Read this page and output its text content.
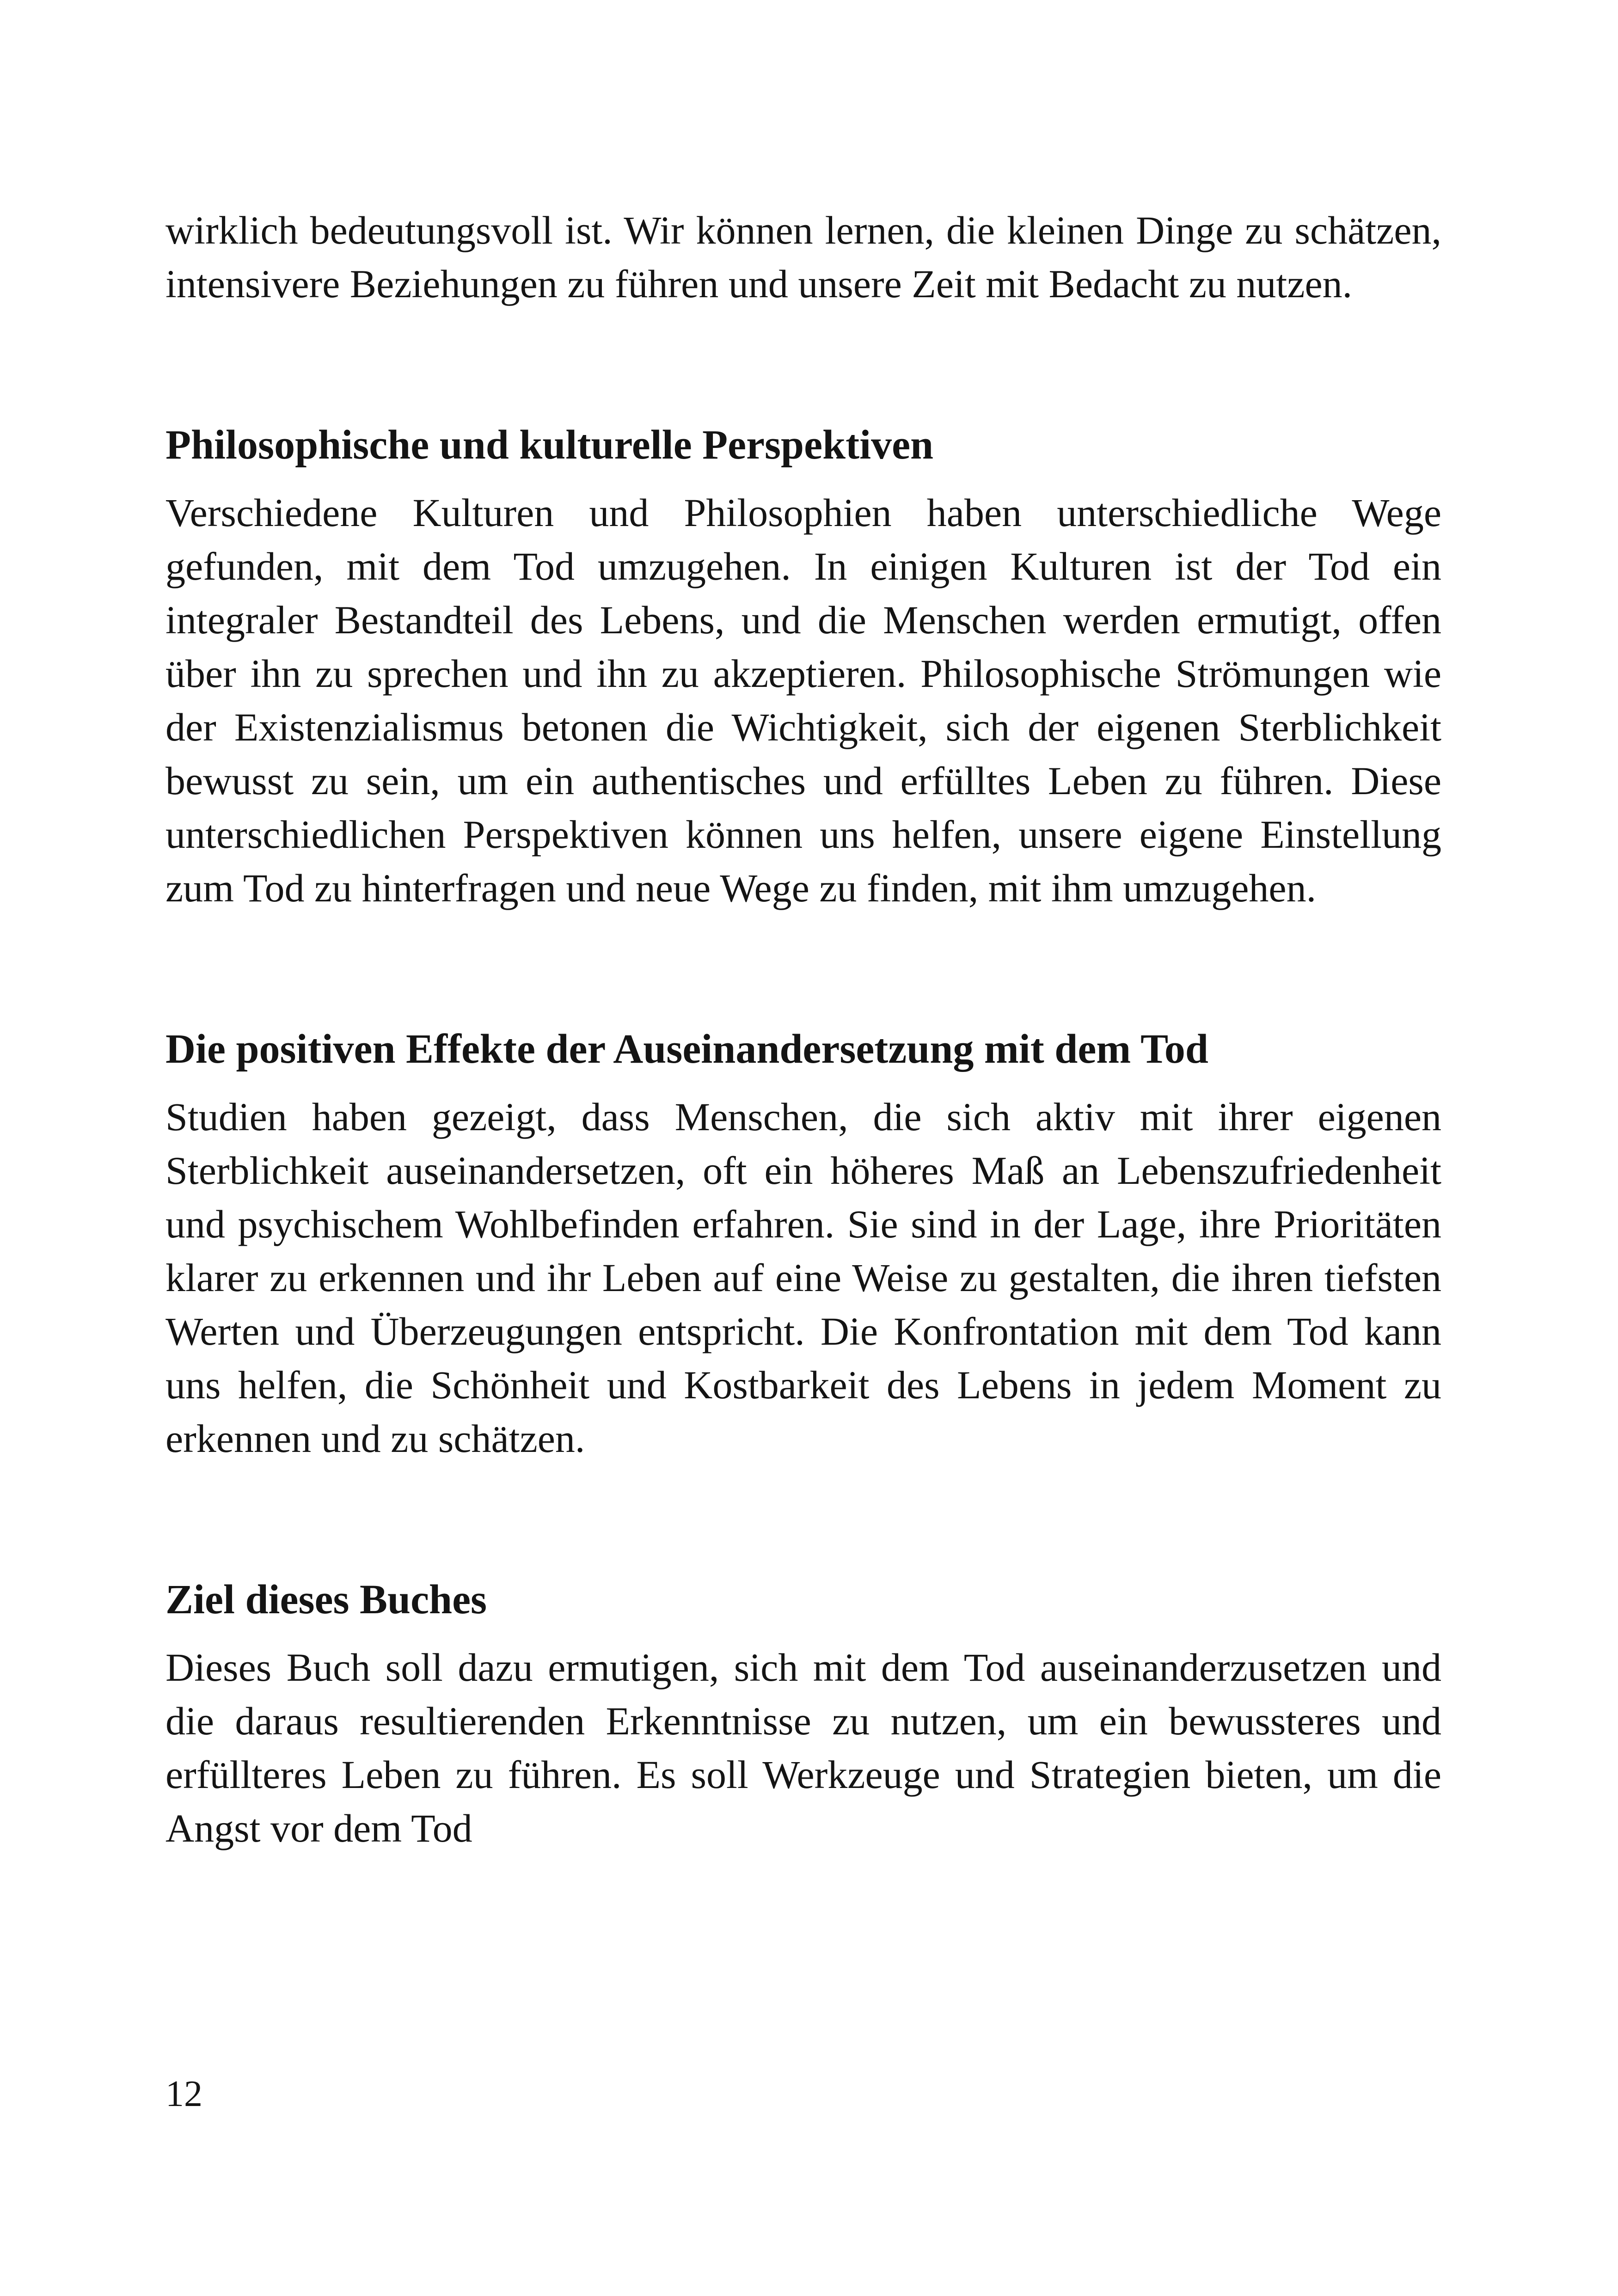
wirklich bedeutungsvoll ist. Wir können lernen, die kleinen Dinge zu schätzen, intensivere Beziehungen zu führen und unsere Zeit mit Bedacht zu nutzen.

Philosophische und kulturelle Perspektiven

Verschiedene Kulturen und Philosophien haben unterschiedliche Wege gefunden, mit dem Tod umzugehen. In einigen Kulturen ist der Tod ein integraler Bestandteil des Lebens, und die Menschen werden ermutigt, offen über ihn zu sprechen und ihn zu akzeptieren. Philosophische Strömungen wie der Existenzialismus betonen die Wichtigkeit, sich der eigenen Sterblichkeit bewusst zu sein, um ein authentisches und erfülltes Leben zu führen. Diese unterschiedlichen Perspektiven können uns helfen, unsere eigene Einstellung zum Tod zu hinterfragen und neue Wege zu finden, mit ihm umzugehen.

Die positiven Effekte der Auseinandersetzung mit dem Tod

Studien haben gezeigt, dass Menschen, die sich aktiv mit ihrer eigenen Sterblichkeit auseinandersetzen, oft ein höheres Maß an Lebenszufriedenheit und psychischem Wohlbefinden erfahren. Sie sind in der Lage, ihre Prioritäten klarer zu erkennen und ihr Leben auf eine Weise zu gestalten, die ihren tiefsten Werten und Überzeugungen entspricht. Die Konfrontation mit dem Tod kann uns helfen, die Schönheit und Kostbarkeit des Lebens in jedem Moment zu erkennen und zu schätzen.

Ziel dieses Buches

Dieses Buch soll dazu ermutigen, sich mit dem Tod auseinanderzusetzen und die daraus resultierenden Erkenntnisse zu nutzen, um ein bewussteres und erfüllteres Leben zu führen. Es soll Werkzeuge und Strategien bieten, um die Angst vor dem Tod

12
